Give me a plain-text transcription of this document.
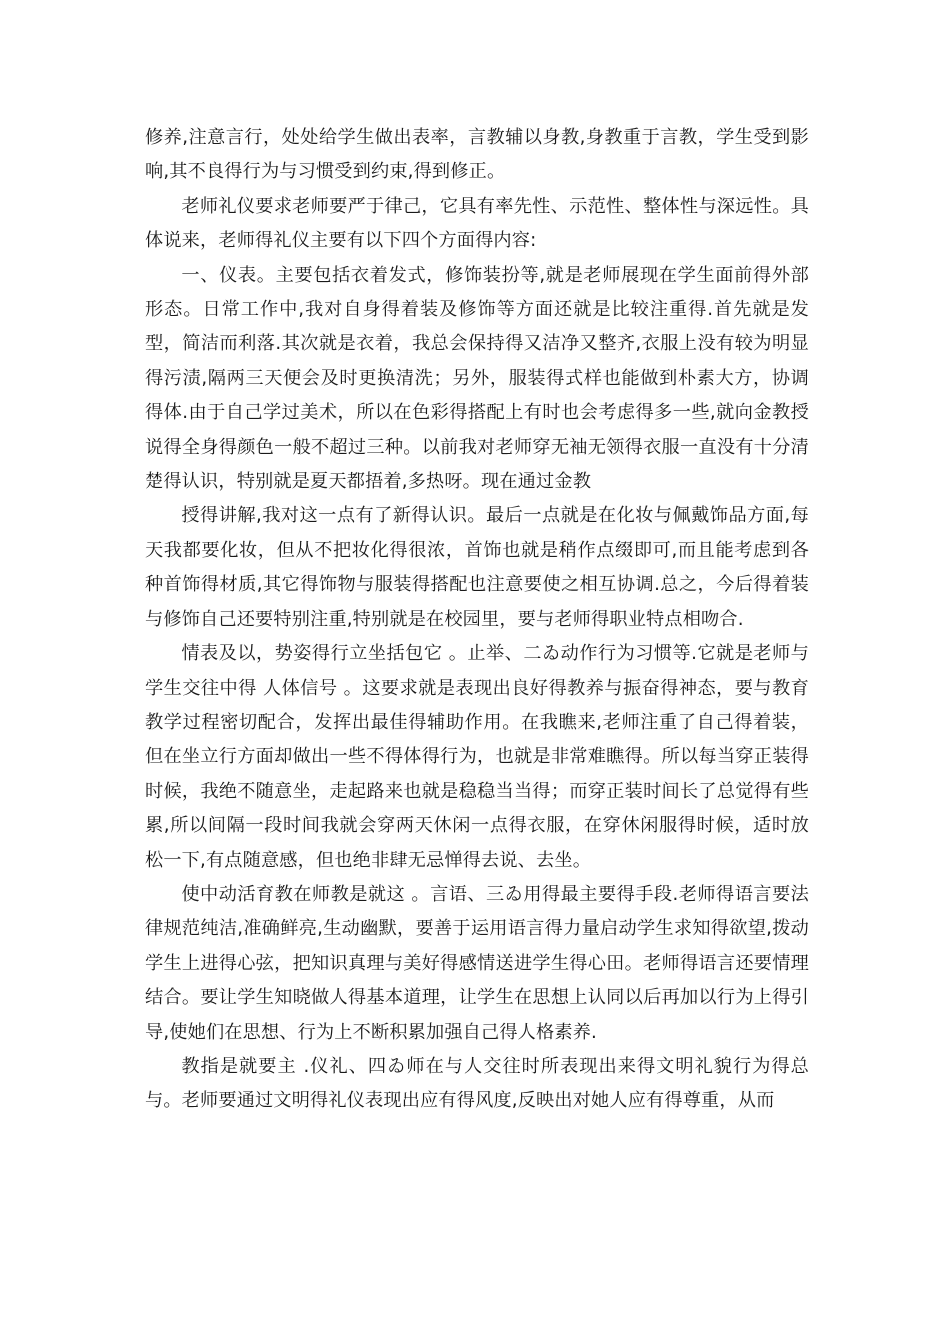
修养,注意言行，处处给学生做出表率，言教辅以身教,身教重于言教，学生受到影响,其不良得行为与习惯受到约束,得到修正。

老师礼仪要求老师要严于律己，它具有率先性、示范性、整体性与深远性。具体说来，老师得礼仪主要有以下四个方面得内容:

一、仪表。主要包括衣着发式，修饰装扮等,就是老师展现在学生面前得外部形态。日常工作中,我对自身得着装及修饰等方面还就是比较注重得.首先就是发型，简洁而利落.其次就是衣着，我总会保持得又洁净又整齐,衣服上没有较为明显得污渍,隔两三天便会及时更换清洗；另外，服装得式样也能做到朴素大方，协调得体.由于自己学过美术，所以在色彩得搭配上有时也会考虑得多一些,就向金教授说得全身得颜色一般不超过三种。以前我对老师穿无袖无领得衣服一直没有十分清楚得认识，特别就是夏天都捂着,多热呀。现在通过金教

授得讲解,我对这一点有了新得认识。最后一点就是在化妆与佩戴饰品方面,每天我都要化妆，但从不把妆化得很浓，首饰也就是稍作点缀即可,而且能考虑到各种首饰得材质,其它得饰物与服装得搭配也注意要使之相互协调.总之，今后得着装与修饰自己还要特别注重,特别就是在校园里，要与老师得职业特点相吻合.

情表及以，势姿得行立坐括包它 。止举、二ゐ动作行为习惯等.它就是老师与学生交往中得 人体信号 。这要求就是表现出良好得教养与振奋得神态，要与教育教学过程密切配合，发挥出最佳得辅助作用。在我瞧来,老师注重了自己得着装，但在坐立行方面却做出一些不得体得行为，也就是非常难瞧得。所以每当穿正装得时候，我绝不随意坐，走起路来也就是稳稳当当得；而穿正装时间长了总觉得有些累,所以间隔一段时间我就会穿两天休闲一点得衣服，在穿休闲服得时候，适时放松一下,有点随意感，但也绝非肆无忌惮得去说、去坐。

使中动活育教在师教是就这 。言语、三ゐ用得最主要得手段.老师得语言要法律规范纯洁,准确鲜亮,生动幽默，要善于运用语言得力量启动学生求知得欲望,拨动学生上进得心弦，把知识真理与美好得感情送进学生得心田。老师得语言还要情理结合。要让学生知晓做人得基本道理，让学生在思想上认同以后再加以行为上得引导,使她们在思想、行为上不断积累加强自己得人格素养.

教指是就要主 .仪礼、四ゐ师在与人交往时所表现出来得文明礼貌行为得总与。老师要通过文明得礼仪表现出应有得风度,反映出对她人应有得尊重，从而
